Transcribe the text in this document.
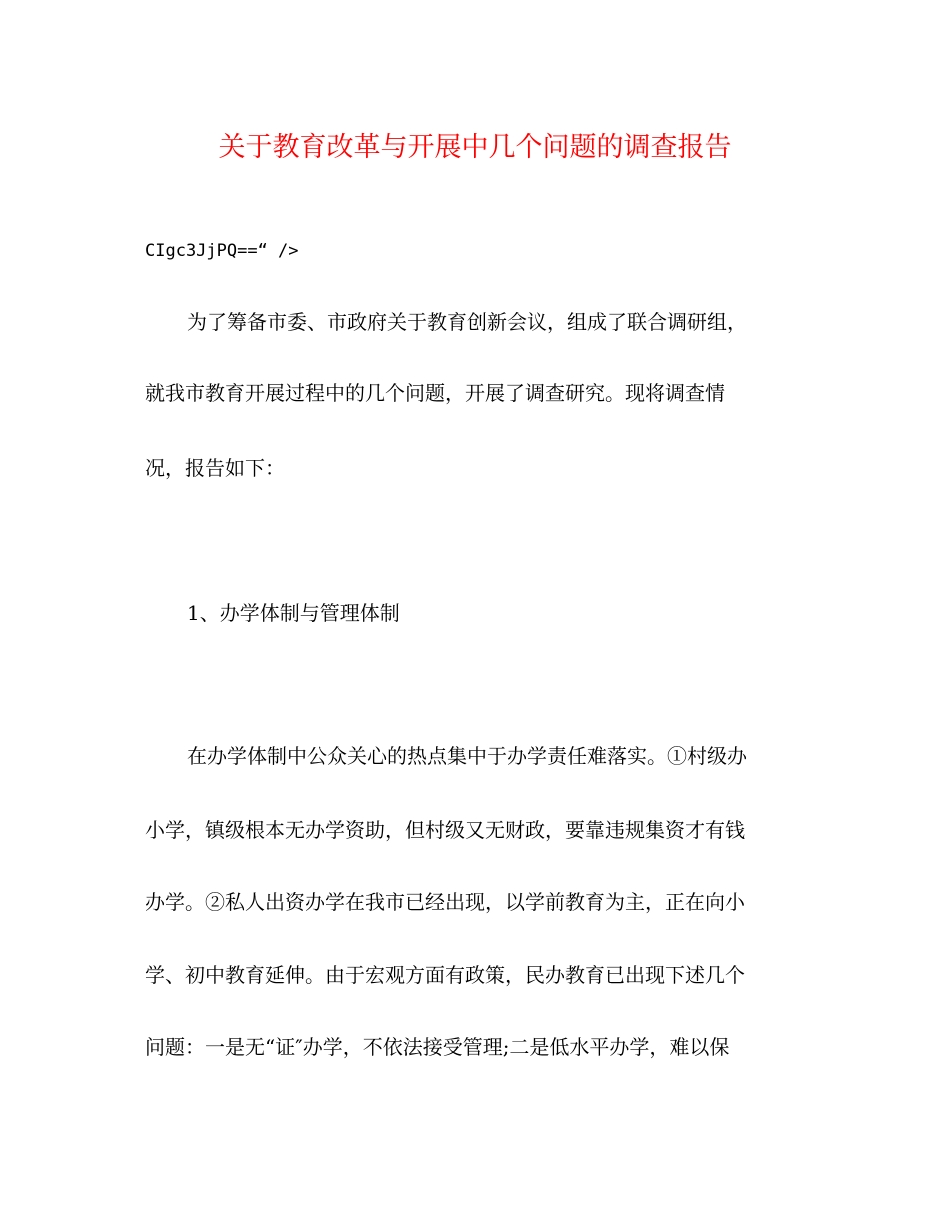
关于教育改革与开展中几个问题的调查报告
CIgc3JjPQ==“ />
为了筹备市委、市政府关于教育创新会议，组成了联合调研组，
就我市教育开展过程中的几个问题，开展了调查研究。现将调查情
况，报告如下：
1、办学体制与管理体制
在办学体制中公众关心的热点集中于办学责任难落实。①村级办
小学，镇级根本无办学资助，但村级又无财政，要靠违规集资才有钱
办学。②私人出资办学在我市已经出现，以学前教育为主，正在向小
学、初中教育延伸。由于宏观方面有政策，民办教育已出现下述几个
问题：一是无“证″办学，不依法接受管理;二是低水平办学，难以保
